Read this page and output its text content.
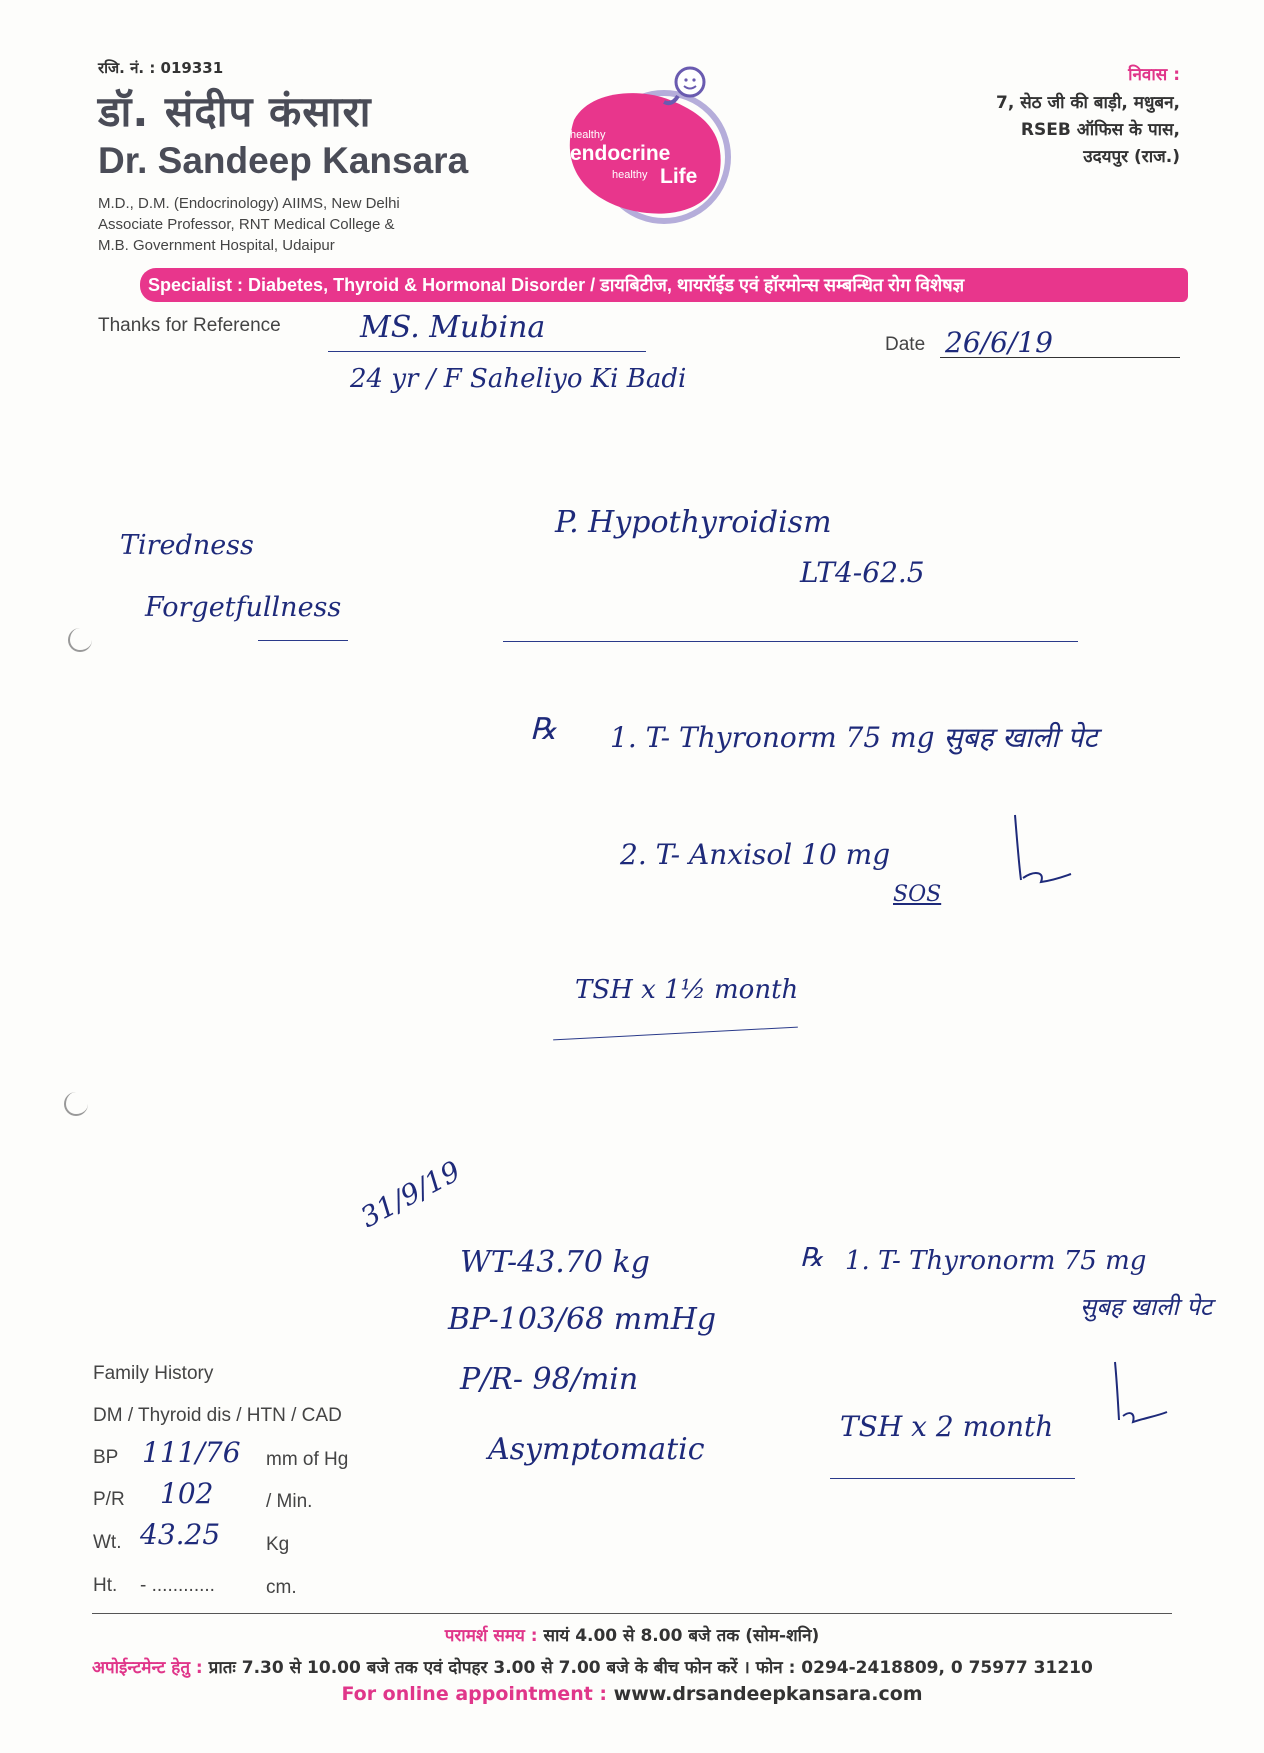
रजि. नं. : 019331
डॉ. संदीप कंसारा
Dr. Sandeep Kansara
M.D., D.M. (Endocrinology) AIIMS, New Delhi
Associate Professor, RNT Medical College &
M.B. Government Hospital, Udaipur
healthy
endocrine
healthy Life
निवास :
7, सेठ जी की बाड़ी, मधुबन,
RSEB ऑफिस के पास,
उदयपुर (राज.)
Specialist : Diabetes, Thyroid & Hormonal Disorder / डायबिटीज, थायरॉईड एवं हॉरमोन्स सम्बन्धित रोग विशेषज्ञ
Thanks for Reference	MS. Mubina
24 yr / F Saheliyo Ki Badi
Date 26/6/19
Tiredness
Forgetfullness
P. Hypothyroidism
LT4-62.5
℞ 1. T- Thyronorm 75 mg सुबह खाली पेट
2. T- Anxisol 10 mg
SOS
TSH x 1½ month
31/9/19
WT-43.70 kg
BP-103/68 mmHg
P/R- 98/min
Asymptomatic
℞ 1. T- Thyronorm 75 mg
सुबह खाली पेट
TSH x 2 month
Family History
DM / Thyroid dis / HTN / CAD
BP 111/76 mm of Hg
P/R 102	/ Min.
Wt. 43.25 Kg
Ht. - ............	cm.
परामर्श समय : सायं 4.00 से 8.00 बजे तक (सोम-शनि)
अपोईन्टमेन्ट हेतु : प्रातः 7.30 से 10.00 बजे तक एवं दोपहर 3.00 से 7.00 बजे के बीच फोन करें । फोन : 0294-2418809, 0 75977 31210
For online appointment : www.drsandeepkansara.com
